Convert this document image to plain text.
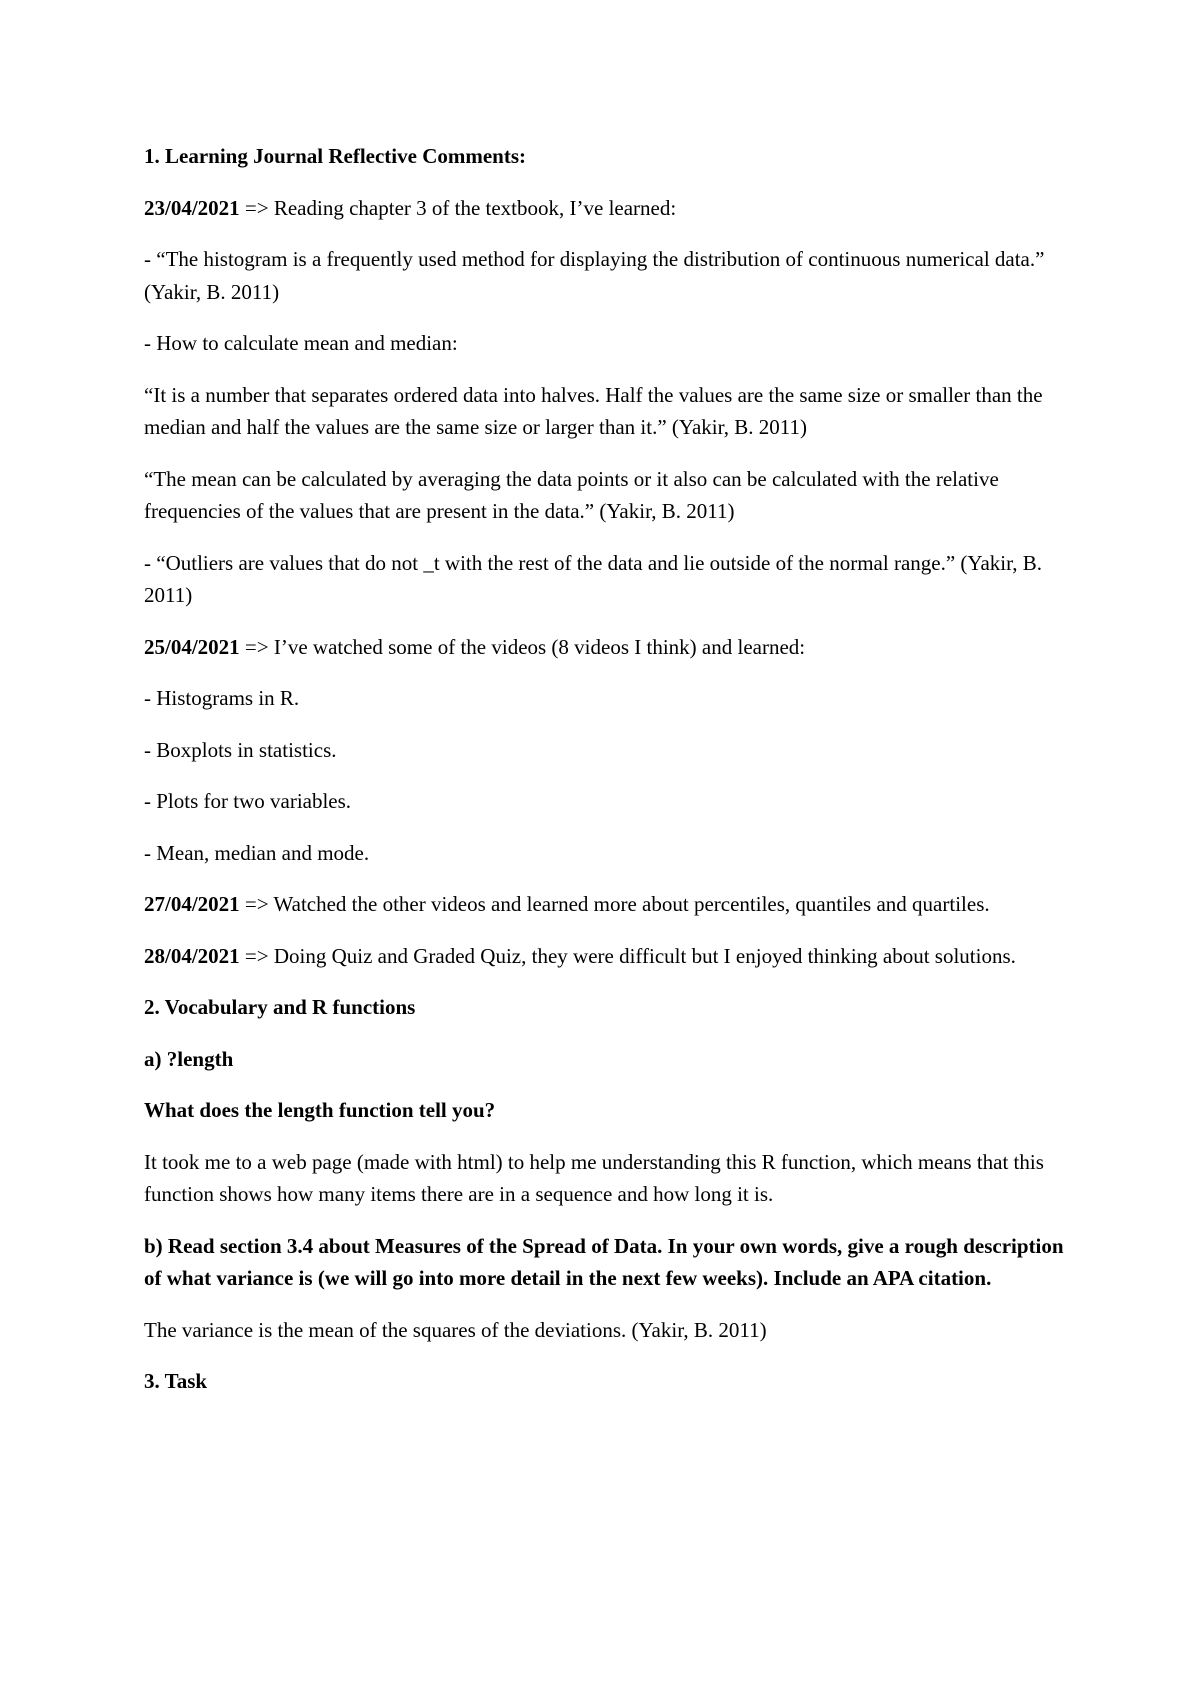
1. Learning Journal Reflective Comments:

23/04/2021 => Reading chapter 3 of the textbook, I’ve learned:

- “The histogram is a frequently used method for displaying the distribution of continuous numerical data.” (Yakir, B. 2011)

- How to calculate mean and median:

“It is a number that separates ordered data into halves. Half the values are the same size or smaller than the median and half the values are the same size or larger than it.” (Yakir, B. 2011)

“The mean can be calculated by averaging the data points or it also can be calculated with the relative frequencies of the values that are present in the data.” (Yakir, B. 2011)

- “Outliers are values that do not _t with the rest of the data and lie outside of the normal range.” (Yakir, B. 2011)

25/04/2021 => I’ve watched some of the videos (8 videos I think) and learned:

- Histograms in R.

- Boxplots in statistics.

- Plots for two variables.

- Mean, median and mode.

27/04/2021 => Watched the other videos and learned more about percentiles, quantiles and quartiles.

28/04/2021 => Doing Quiz and Graded Quiz, they were difficult but I enjoyed thinking about solutions.

2. Vocabulary and R functions

a) ?length

What does the length function tell you?

It took me to a web page (made with html) to help me understanding this R function, which means that this function shows how many items there are in a sequence and how long it is.

b) Read section 3.4 about Measures of the Spread of Data. In your own words, give a rough description of what variance is (we will go into more detail in the next few weeks). Include an APA citation.

The variance is the mean of the squares of the deviations. (Yakir, B. 2011)

3. Task
